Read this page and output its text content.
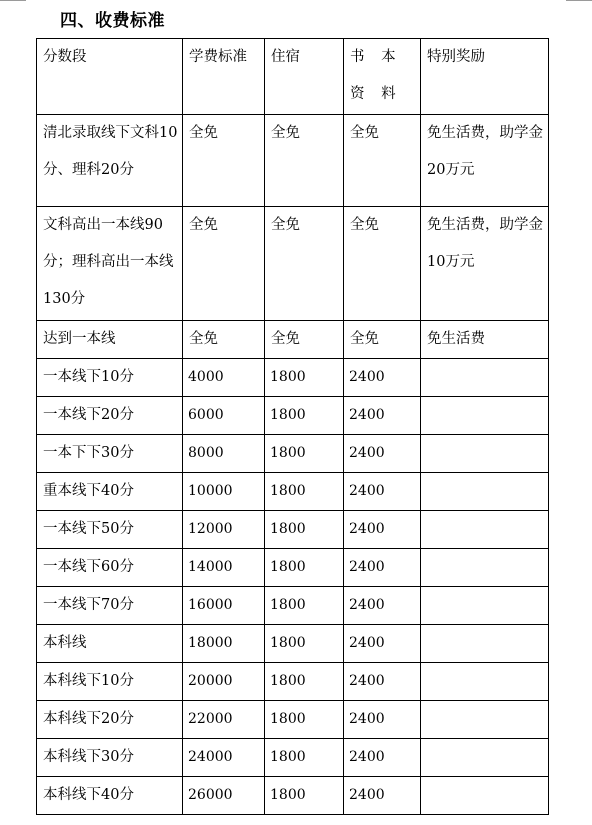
四、收费标准
分数段	学费标准	住宿	书 本 资 料	特别奖励
清北录取线下文科10分、理科20分	全免	全免	全免	免生活费，助学金20万元
文科高出一本线90分；理科高出一本线130分	全免	全免	全免	免生活费，助学金10万元
达到一本线	全免	全免	全免	免生活费
一本线下10分	4000	1800	2400	
一本线下20分	6000	1800	2400	
一本下下30分	8000	1800	2400	
重本线下40分	10000	1800	2400	
一本线下50分	12000	1800	2400	
一本线下60分	14000	1800	2400	
一本线下70分	16000	1800	2400	
本科线	18000	1800	2400	
本科线下10分	20000	1800	2400	
本科线下20分	22000	1800	2400	
本科线下30分	24000	1800	2400	
本科线下40分	26000	1800	2400	
